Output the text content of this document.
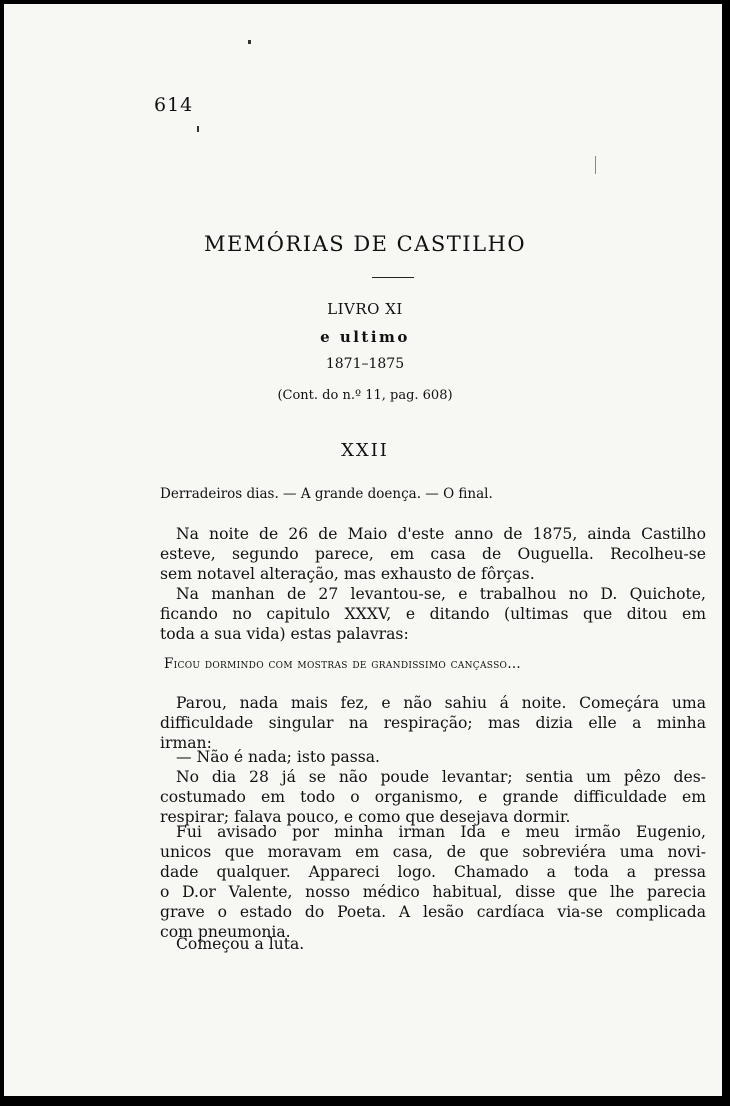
614
MEMÓRIAS DE CASTILHO
LIVRO XI
e ultimo
1871–1875
(Cont. do n.º 11, pag. 608)
XXII
Derradeiros dias. — A grande doença. — O final.
Na noite de 26 de Maio d'este anno de 1875, ainda Castilho
esteve, segundo parece, em casa de Ouguella. Recolheu-se
sem notavel alteração, mas exhausto de fôrças.
Na manhan de 27 levantou-se, e trabalhou no D. Quichote,
ficando no capitulo XXXV, e ditando (ultimas que ditou em
toda a sua vida) estas palavras:
Ficou dormindo com mostras de grandissimo cançasso…
Parou, nada mais fez, e não sahiu á noite. Começára uma
difficuldade singular na respiração; mas dizia elle a minha
irman:
— Não é nada; isto passa.
No dia 28 já se não poude levantar; sentia um pêzo des-
costumado em todo o organismo, e grande difficuldade em
respirar; falava pouco, e como que desejava dormir.
Fui avisado por minha irman Ida e meu irmão Eugenio,
unicos que moravam em casa, de que sobreviéra uma novi-
dade qualquer. Appareci logo. Chamado a toda a pressa
o D.or Valente, nosso médico habitual, disse que lhe parecia
grave o estado do Poeta. A lesão cardíaca via-se complicada
com pneumonia.
Começou a luta.
